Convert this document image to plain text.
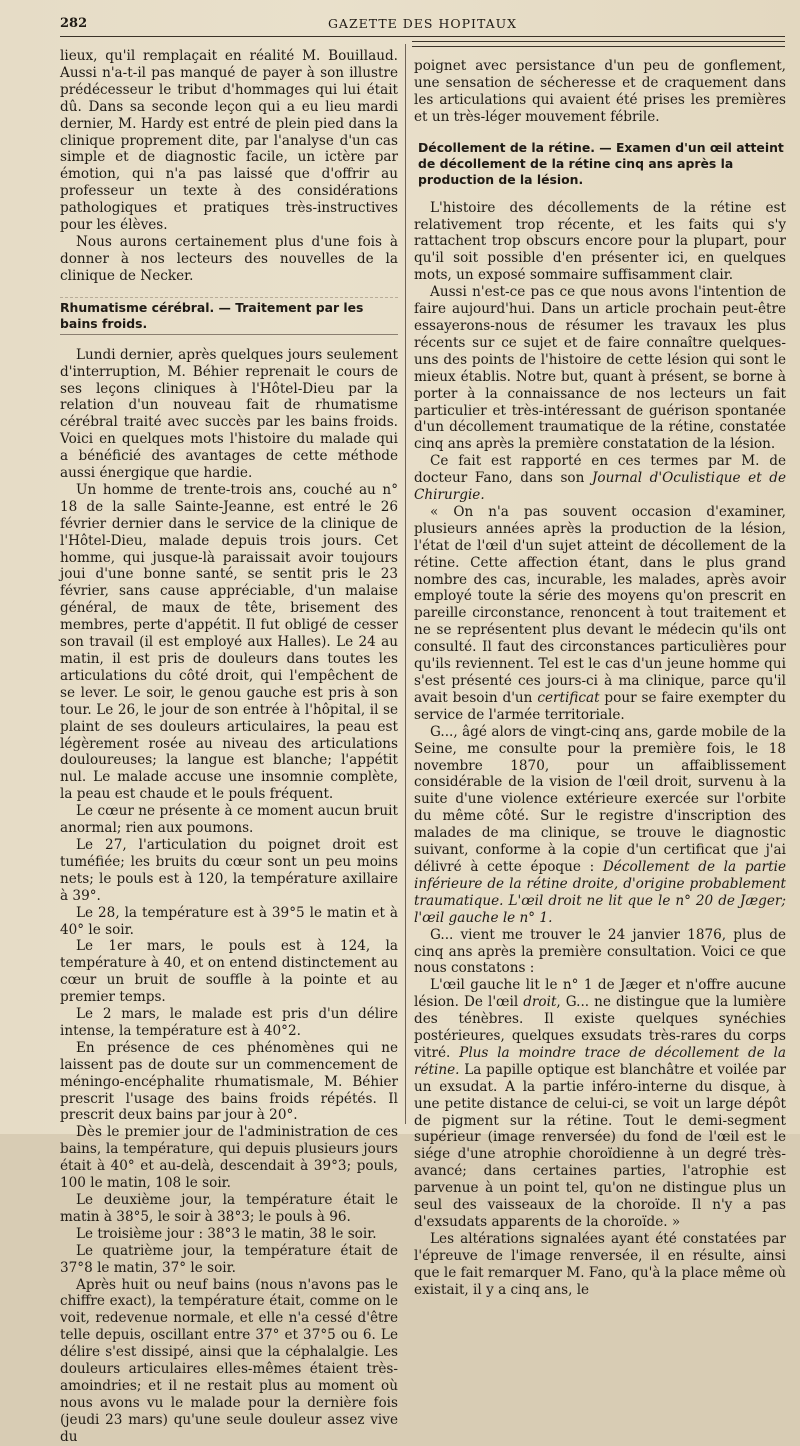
282	GAZETTE DES HOPITAUX

lieux, qu'il remplaçait en réalité M. Bouillaud. Aussi n'a-t-il pas manqué de payer à son illustre prédécesseur le tribut d'hommages qui lui était dû. Dans sa seconde leçon qui a eu lieu mardi dernier, M. Hardy est entré de plein pied dans la clinique proprement dite, par l'analyse d'un cas simple et de diagnostic facile, un ictère par émotion, qui n'a pas laissé que d'offrir au professeur un texte à des considérations pathologiques et pratiques très-instructives pour les élèves.

Nous aurons certainement plus d'une fois à donner à nos lecteurs des nouvelles de la clinique de Necker.

Rhumatisme cérébral. — Traitement par les bains froids.

Lundi dernier, après quelques jours seulement d'interruption, M. Béhier reprenait le cours de ses leçons cliniques à l'Hôtel-Dieu par la relation d'un nouveau fait de rhumatisme cérébral traité avec succès par les bains froids. Voici en quelques mots l'histoire du malade qui a bénéficié des avantages de cette méthode aussi énergique que hardie.

Un homme de trente-trois ans, couché au n° 18 de la salle Sainte-Jeanne, est entré le 26 février dernier dans le service de la clinique de l'Hôtel-Dieu, malade depuis trois jours. Cet homme, qui jusque-là paraissait avoir toujours joui d'une bonne santé, se sentit pris le 23 février, sans cause appréciable, d'un malaise général, de maux de tête, brisement des membres, perte d'appétit. Il fut obligé de cesser son travail (il est employé aux Halles). Le 24 au matin, il est pris de douleurs dans toutes les articulations du côté droit, qui l'empêchent de se lever. Le soir, le genou gauche est pris à son tour. Le 26, le jour de son entrée à l'hôpital, il se plaint de ses douleurs articulaires, la peau est légèrement rosée au niveau des articulations douloureuses; la langue est blanche; l'appétit nul. Le malade accuse une insomnie complète, la peau est chaude et le pouls fréquent.

Le cœur ne présente à ce moment aucun bruit anormal; rien aux poumons.

Le 27, l'articulation du poignet droit est tuméfiée; les bruits du cœur sont un peu moins nets; le pouls est à 120, la température axillaire à 39°.

Le 28, la température est à 39°5 le matin et à 40° le soir.

Le 1er mars, le pouls est à 124, la température à 40, et on entend distinctement au cœur un bruit de souffle à la pointe et au premier temps.

Le 2 mars, le malade est pris d'un délire intense, la température est à 40°2.

En présence de ces phénomènes qui ne laissent pas de doute sur un commencement de méningo-encéphalite rhumatismale, M. Béhier prescrit l'usage des bains froids répétés. Il prescrit deux bains par jour à 20°.

Dès le premier jour de l'administration de ces bains, la température, qui depuis plusieurs jours était à 40° et au-delà, descendait à 39°3; pouls, 100 le matin, 108 le soir.

Le deuxième jour, la température était le matin à 38°5, le soir à 38°3; le pouls à 96.

Le troisième jour : 38°3 le matin, 38 le soir.

Le quatrième jour, la température était de 37°8 le matin, 37° le soir.

Après huit ou neuf bains (nous n'avons pas le chiffre exact), la température était, comme on le voit, redevenue normale, et elle n'a cessé d'être telle depuis, oscillant entre 37° et 37°5 ou 6. Le délire s'est dissipé, ainsi que la céphalalgie. Les douleurs articulaires elles-mêmes étaient très-amoindries; et il ne restait plus au moment où nous avons vu le malade pour la dernière fois (jeudi 23 mars) qu'une seule douleur assez vive du

poignet avec persistance d'un peu de gonflement, une sensation de sécheresse et de craquement dans les articulations qui avaient été prises les premières et un très-léger mouvement fébrile.

Décollement de la rétine. — Examen d'un œil atteint de décollement de la rétine cinq ans après la production de la lésion.

L'histoire des décollements de la rétine est relativement trop récente, et les faits qui s'y rattachent trop obscurs encore pour la plupart, pour qu'il soit possible d'en présenter ici, en quelques mots, un exposé sommaire suffisamment clair.

Aussi n'est-ce pas ce que nous avons l'intention de faire aujourd'hui. Dans un article prochain peut-être essayerons-nous de résumer les travaux les plus récents sur ce sujet et de faire connaître quelques-uns des points de l'histoire de cette lésion qui sont le mieux établis. Notre but, quant à présent, se borne à porter à la connaissance de nos lecteurs un fait particulier et très-intéressant de guérison spontanée d'un décollement traumatique de la rétine, constatée cinq ans après la première constatation de la lésion.

Ce fait est rapporté en ces termes par M. de docteur Fano, dans son Journal d'Oculistique et de Chirurgie.

« On n'a pas souvent occasion d'examiner, plusieurs années après la production de la lésion, l'état de l'œil d'un sujet atteint de décollement de la rétine. Cette affection étant, dans le plus grand nombre des cas, incurable, les malades, après avoir employé toute la série des moyens qu'on prescrit en pareille circonstance, renoncent à tout traitement et ne se représentent plus devant le médecin qu'ils ont consulté. Il faut des circonstances particulières pour qu'ils reviennent. Tel est le cas d'un jeune homme qui s'est présenté ces jours-ci à ma clinique, parce qu'il avait besoin d'un certificat pour se faire exempter du service de l'armée territoriale.

G..., âgé alors de vingt-cinq ans, garde mobile de la Seine, me consulte pour la première fois, le 18 novembre 1870, pour un affaiblissement considérable de la vision de l'œil droit, survenu à la suite d'une violence extérieure exercée sur l'orbite du même côté. Sur le registre d'inscription des malades de ma clinique, se trouve le diagnostic suivant, conforme à la copie d'un certificat que j'ai délivré à cette époque : Décollement de la partie inférieure de la rétine droite, d'origine probablement traumatique. L'œil droit ne lit que le n° 20 de Jæger; l'œil gauche le n° 1.

G... vient me trouver le 24 janvier 1876, plus de cinq ans après la première consultation. Voici ce que nous constatons :

L'œil gauche lit le n° 1 de Jæger et n'offre aucune lésion. De l'œil droit, G... ne distingue que la lumière des ténèbres. Il existe quelques synéchies postérieures, quelques exsudats très-rares du corps vitré. Plus la moindre trace de décollement de la rétine. La papille optique est blanchâtre et voilée par un exsudat. A la partie inféro-interne du disque, à une petite distance de celui-ci, se voit un large dépôt de pigment sur la rétine. Tout le demi-segment supérieur (image renversée) du fond de l'œil est le siége d'une atrophie choroïdienne à un degré très-avancé; dans certaines parties, l'atrophie est parvenue à un point tel, qu'on ne distingue plus un seul des vaisseaux de la choroïde. Il n'y a pas d'exsudats apparents de la choroïde. »

Les altérations signalées ayant été constatées par l'épreuve de l'image renversée, il en résulte, ainsi que le fait remarquer M. Fano, qu'à la place même où existait, il y a cinq ans, le
